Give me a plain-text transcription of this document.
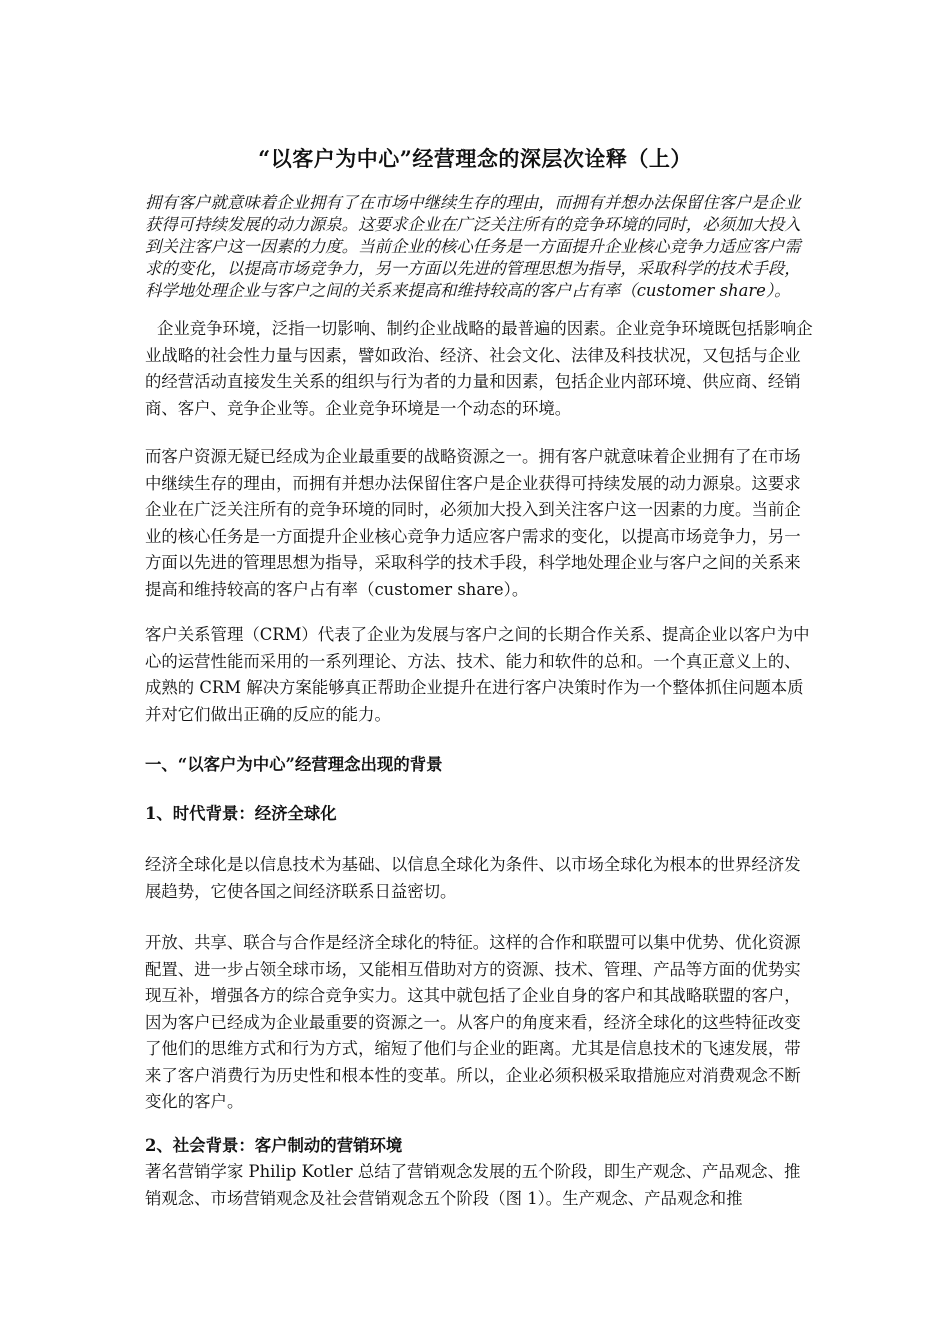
“以客户为中心”经营理念的深层次诠释（上）
拥有客户就意味着企业拥有了在市场中继续生存的理由，而拥有并想办法保留住客户是企业获得可持续发展的动力源泉。这要求企业在广泛关注所有的竞争环境的同时，必须加大投入到关注客户这一因素的力度。当前企业的核心任务是一方面提升企业核心竞争力适应客户需求的变化，以提高市场竞争力，另一方面以先进的管理思想为指导，采取科学的技术手段，科学地处理企业与客户之间的关系来提高和维持较高的客户占有率（customer share）。
企业竞争环境，泛指一切影响、制约企业战略的最普遍的因素。企业竞争环境既包括影响企业战略的社会性力量与因素，譬如政治、经济、社会文化、法律及科技状况，又包括与企业的经营活动直接发生关系的组织与行为者的力量和因素，包括企业内部环境、供应商、经销商、客户、竞争企业等。企业竞争环境是一个动态的环境。
而客户资源无疑已经成为企业最重要的战略资源之一。拥有客户就意味着企业拥有了在市场中继续生存的理由，而拥有并想办法保留住客户是企业获得可持续发展的动力源泉。这要求企业在广泛关注所有的竞争环境的同时，必须加大投入到关注客户这一因素的力度。当前企业的核心任务是一方面提升企业核心竞争力适应客户需求的变化，以提高市场竞争力，另一方面以先进的管理思想为指导，采取科学的技术手段，科学地处理企业与客户之间的关系来提高和维持较高的客户占有率（customer share）。
客户关系管理（CRM）代表了企业为发展与客户之间的长期合作关系、提高企业以客户为中心的运营性能而采用的一系列理论、方法、技术、能力和软件的总和。一个真正意义上的、成熟的 CRM 解决方案能够真正帮助企业提升在进行客户决策时作为一个整体抓住问题本质并对它们做出正确的反应的能力。
一、“以客户为中心”经营理念出现的背景
1、时代背景：经济全球化
经济全球化是以信息技术为基础、以信息全球化为条件、以市场全球化为根本的世界经济发展趋势，它使各国之间经济联系日益密切。
开放、共享、联合与合作是经济全球化的特征。这样的合作和联盟可以集中优势、优化资源配置、进一步占领全球市场，又能相互借助对方的资源、技术、管理、产品等方面的优势实现互补，增强各方的综合竞争实力。这其中就包括了企业自身的客户和其战略联盟的客户，因为客户已经成为企业最重要的资源之一。从客户的角度来看，经济全球化的这些特征改变了他们的思维方式和行为方式，缩短了他们与企业的距离。尤其是信息技术的飞速发展，带来了客户消费行为历史性和根本性的变革。所以，企业必须积极采取措施应对消费观念不断变化的客户。
2、社会背景：客户制动的营销环境
著名营销学家 Philip Kotler 总结了营销观念发展的五个阶段，即生产观念、产品观念、推销观念、市场营销观念及社会营销观念五个阶段（图 1）。生产观念、产品观念和推
